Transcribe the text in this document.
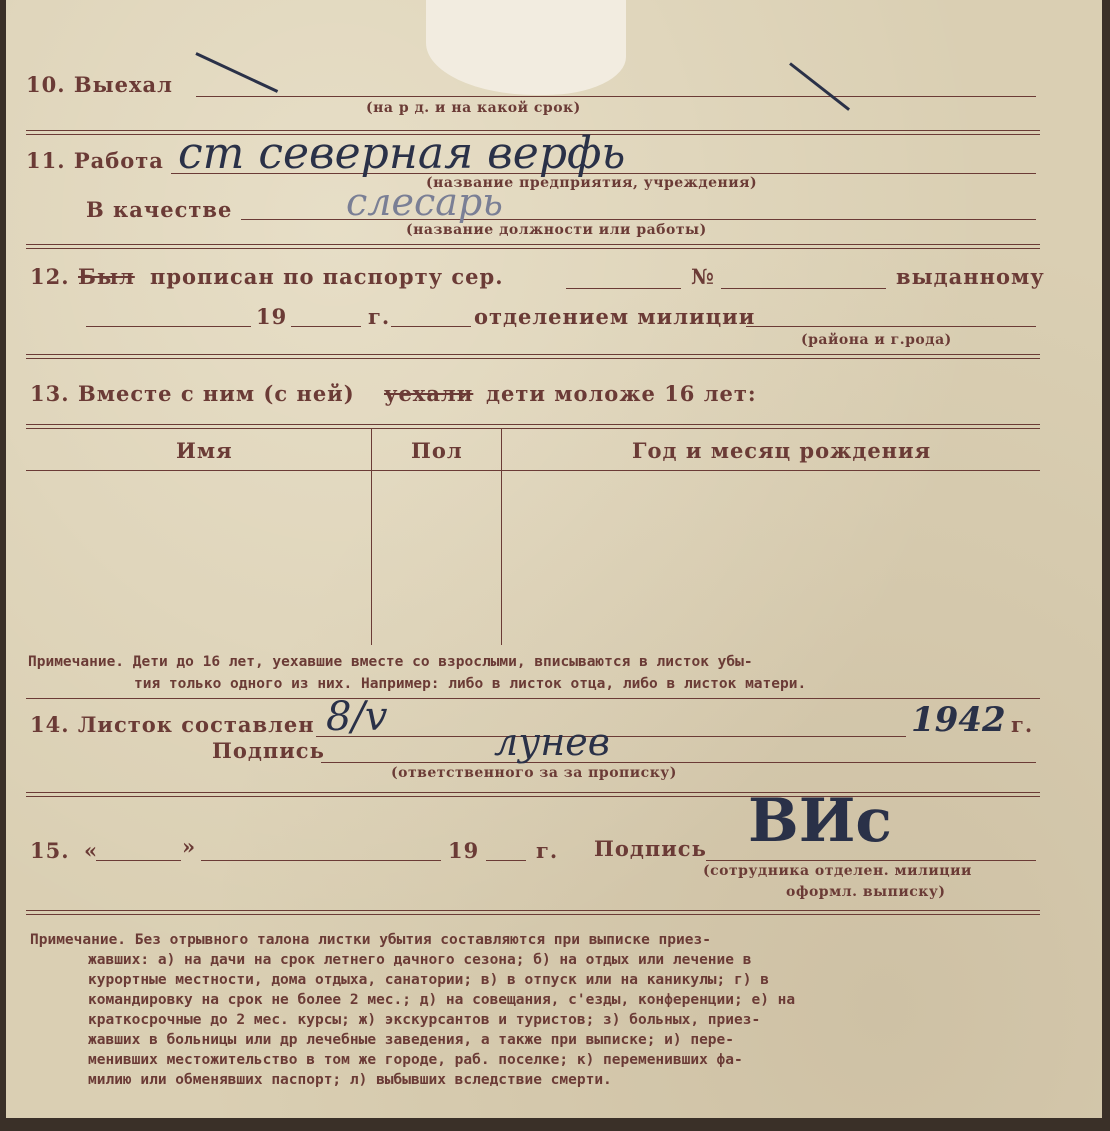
10. Выехал
(на р д. и на какой срок)
11. Работа ст северная верфь
(название предприятия, учреждения)
В качестве	слесарь
(название должности или работы)
12. Был прописан по паспорту сер.	№	выданному
19	г.	отделением милиции
(района и г.рода)
13. Вместе с ним (с ней) уехали дети моложе 16 лет:
Имя	Пол	Год и месяц рождения
Примечание. Дети до 16 лет, уехавшие вместе со взрослыми, вписываются в листок убы-
тия только одного из них. Например: либо в листок отца, либо в листок матери.
14. Листок составлен 8/v	1942 г.
Подпись	лунев
(ответственного за за прописку)
15. «	»	19	г. Подпись ВИс
(сотрудника отделен. милиции
оформл. выписку)
Примечание. Без отрывного талона листки убытия составляются при выписке приез-
жавших: а) на дачи на срок летнего дачного сезона; б) на отдых или лечение в
курортные местности, дома отдыха, санатории; в) в отпуск или на каникулы; г) в
командировку на срок не более 2 мес.; д) на совещания, с'езды, конференции; е) на
краткосрочные до 2 мес. курсы; ж) экскурсантов и туристов; з) больных, приез-
жавших в больницы или др лечебные заведения, а также при выписке; и) пере-
менивших местожительство в том же городе, раб. поселке; к) переменивших фа-
милию или обменявших паспорт; л) выбывших вследствие смерти.
